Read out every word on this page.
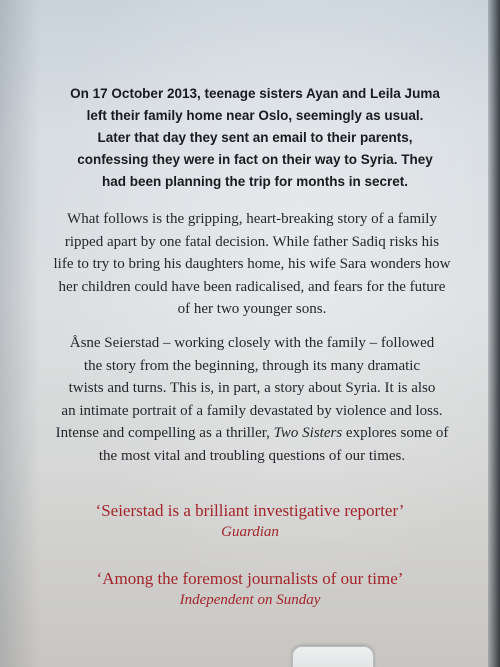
On 17 October 2013, teenage sisters Ayan and Leila Juma
left their family home near Oslo, seemingly as usual.
Later that day they sent an email to their parents,
confessing they were in fact on their way to Syria. They
had been planning the trip for months in secret.

What follows is the gripping, heart-breaking story of a family
ripped apart by one fatal decision. While father Sadiq risks his
life to try to bring his daughters home, his wife Sara wonders how
her children could have been radicalised, and fears for the future
of her two younger sons.

Åsne Seierstad – working closely with the family – followed
the story from the beginning, through its many dramatic
twists and turns. This is, in part, a story about Syria. It is also
an intimate portrait of a family devastated by violence and loss.
Intense and compelling as a thriller, Two Sisters explores some of
the most vital and troubling questions of our times.

‘Seierstad is a brilliant investigative reporter’
Guardian

‘Among the foremost journalists of our time’
Independent on Sunday
